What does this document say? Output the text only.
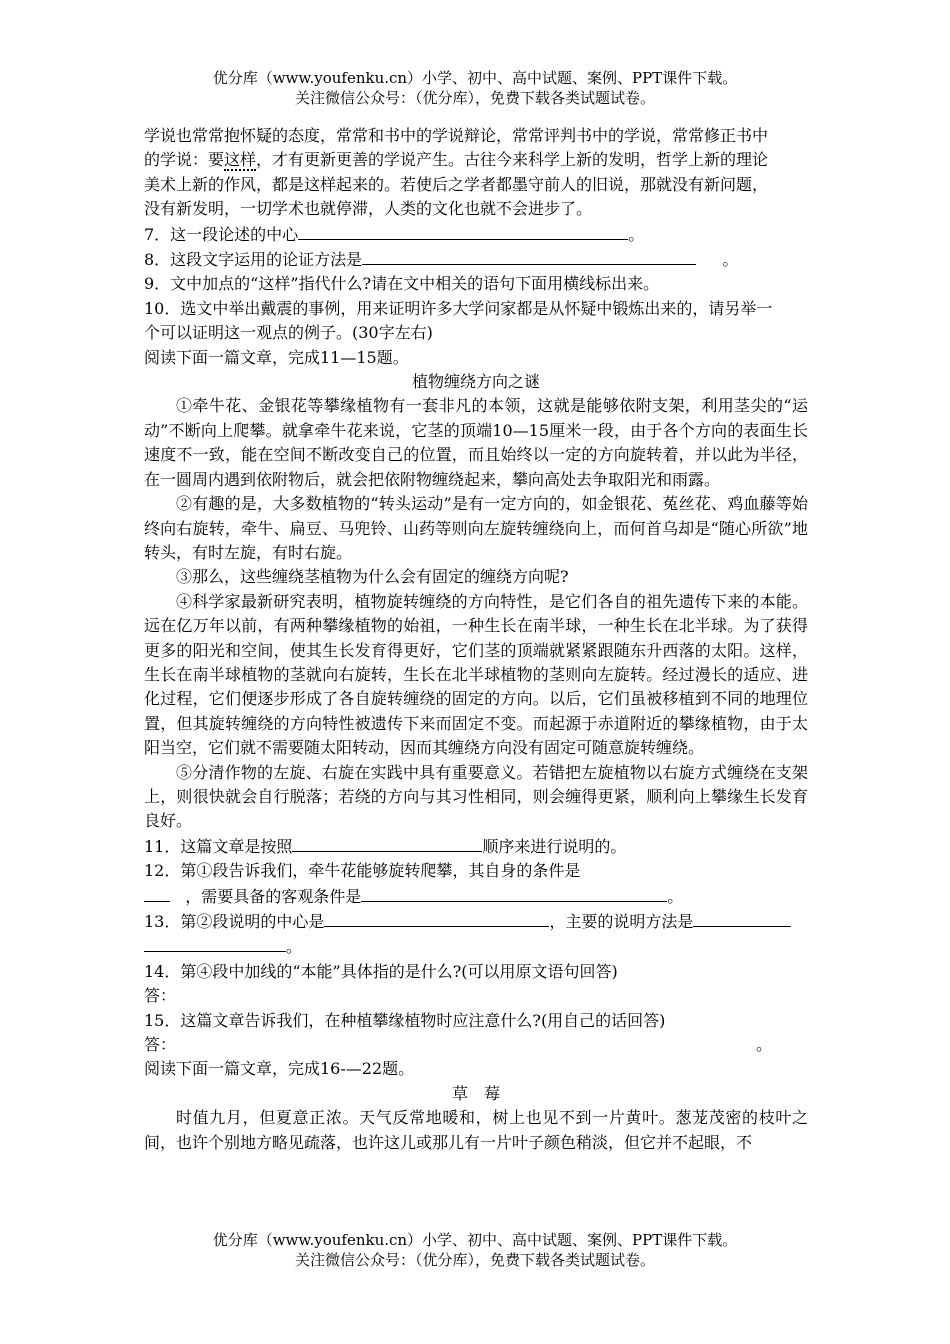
优分库（www.youfenku.cn）小学、初中、高中试题、案例、PPT课件下载。
关注微信公众号：（优分库），免费下载各类试题试卷。

学说也常常抱怀疑的态度，常常和书中的学说辩论，常常评判书中的学说，常常修正书中

的学说：要这样，才有更新更善的学说产生。古往今来科学上新的发明，哲学上新的理论

美术上新的作风，都是这样起来的。若使后之学者都墨守前人的旧说，那就没有新问题，

没有新发明，一切学术也就停滞，人类的文化也就不会进步了。

7．这一段论述的中心	。

8．这段文字运用的论证方法是　	。

9．文中加点的“这样”指代什么?请在文中相关的语句下面用横线标出来。

10．选文中举出戴震的事例，用来证明许多大学问家都是从怀疑中锻炼出来的，请另举一

个可以证明这一观点的例子。(30字左右)

阅读下面一篇文章，完成11—15题。

植物缠绕方向之谜

①牵牛花、金银花等攀缘植物有一套非凡的本领，这就是能够依附支架，利用茎尖的“运动”不断向上爬攀。就拿牵牛花来说，它茎的顶端10—15厘米一段，由于各个方向的表面生长速度不一致，能在空间不断改变自己的位置，而且始终以一定的方向旋转着，并以此为半径，在一圆周内遇到依附物后，就会把依附物缠绕起来，攀向高处去争取阳光和雨露。

②有趣的是，大多数植物的“转头运动”是有一定方向的，如金银花、菟丝花、鸡血藤等始终向右旋转，牵牛、扁豆、马兜铃、山药等则向左旋转缠绕向上，而何首乌却是“随心所欲”地转头，有时左旋，有时右旋。

③那么，这些缠绕茎植物为什么会有固定的缠绕方向呢?

④科学家最新研究表明，植物旋转缠绕的方向特性，是它们各自的祖先遗传下来的本能。远在亿万年以前，有两种攀缘植物的始祖，一种生长在南半球，一种生长在北半球。为了获得更多的阳光和空间，使其生长发育得更好，它们茎的顶端就紧紧跟随东升西落的太阳。这样，生长在南半球植物的茎就向右旋转，生长在北半球植物的茎则向左旋转。经过漫长的适应、进化过程，它们便逐步形成了各自旋转缠绕的固定的方向。以后，它们虽被移植到不同的地理位置，但其旋转缠绕的方向特性被遗传下来而固定不变。而起源于赤道附近的攀缘植物，由于太阳当空，它们就不需要随太阳转动，因而其缠绕方向没有固定可随意旋转缠绕。

⑤分清作物的左旋、右旋在实践中具有重要意义。若错把左旋植物以右旋方式缠绕在支架上，则很快就会自行脱落；若绕的方向与其习性相同，则会缠得更紧，顺利向上攀缘生长发育良好。

11．这篇文章是按照	顺序来进行说明的。

12．第①段告诉我们，牵牛花能够旋转爬攀，其自身的条件是

，需要具备的客观条件是	。

13．第②段说明的中心是	，主要的说明方法是

。

14．第④段中加线的“本能”具体指的是什么?(可以用原文语句回答)

答：

15．这篇文章告诉我们，在种植攀缘植物时应注意什么?(用自己的话回答)

答：	。

阅读下面一篇文章，完成16-—22题。

草　莓

时值九月，但夏意正浓。天气反常地暖和，树上也见不到一片黄叶。葱茏茂密的枝叶之间，也许个别地方略见疏落，也许这儿或那儿有一片叶子颜色稍淡，但它并不起眼，不

优分库（www.youfenku.cn）小学、初中、高中试题、案例、PPT课件下载。
关注微信公众号：（优分库），免费下载各类试题试卷。
